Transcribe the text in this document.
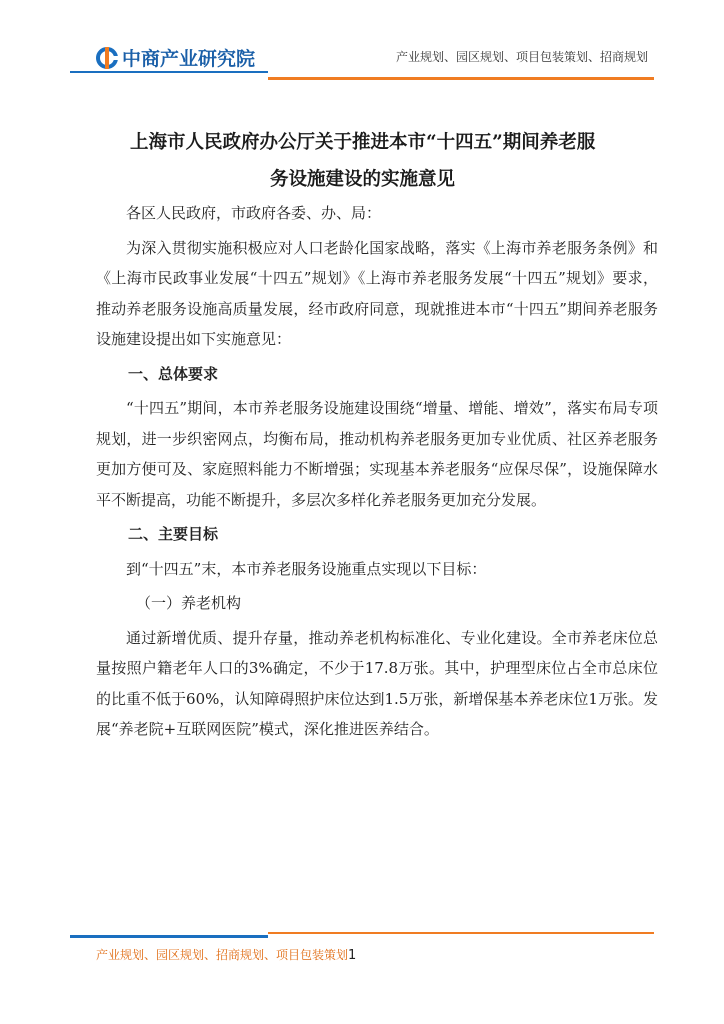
中商产业研究院	产业规划、园区规划、项目包装策划、招商规划
上海市人民政府办公厅关于推进本市“十四五”期间养老服
务设施建设的实施意见

各区人民政府，市政府各委、办、局：

为深入贯彻实施积极应对人口老龄化国家战略，落实《上海市养老服务条例》和《上海市民政事业发展“十四五”规划》《上海市养老服务发展“十四五”规划》要求，推动养老服务设施高质量发展，经市政府同意，现就推进本市“十四五”期间养老服务设施建设提出如下实施意见：

一、总体要求

“十四五”期间，本市养老服务设施建设围绕“增量、增能、增效”，落实布局专项规划，进一步织密网点，均衡布局，推动机构养老服务更加专业优质、社区养老服务更加方便可及、家庭照料能力不断增强；实现基本养老服务“应保尽保”，设施保障水平不断提高，功能不断提升，多层次多样化养老服务更加充分发展。

二、主要目标

到“十四五”末，本市养老服务设施重点实现以下目标：

（一）养老机构

通过新增优质、提升存量，推动养老机构标准化、专业化建设。全市养老床位总量按照户籍老年人口的3%确定，不少于17.8万张。其中，护理型床位占全市总床位的比重不低于60%，认知障碍照护床位达到1.5万张，新增保基本养老床位1万张。发展“养老院+互联网医院”模式，深化推进医养结合。

产业规划、园区规划、招商规划、项目包装策划1
